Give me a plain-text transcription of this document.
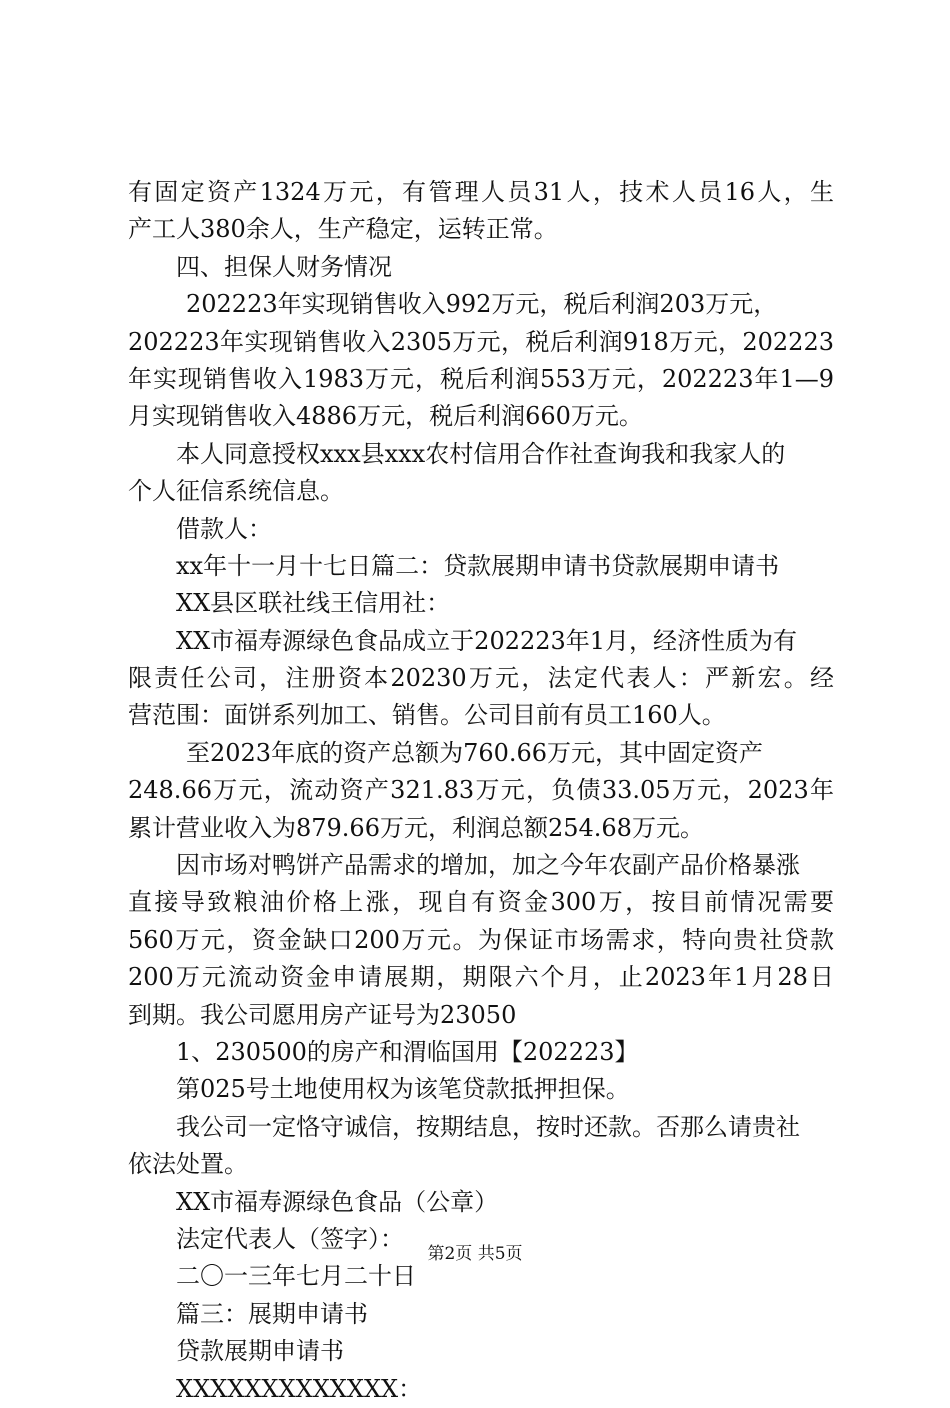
有固定资产1324万元，有管理人员31人，技术人员16人，生
产工人380余人，生产稳定，运转正常。
四、担保人财务情况
202223年实现销售收入992万元，税后利润203万元，
202223年实现销售收入2305万元，税后利润918万元，202223
年实现销售收入1983万元，税后利润553万元，202223年1—9
月实现销售收入4886万元，税后利润660万元。
本人同意授权xxx县xxx农村信用合作社查询我和我家人的
个人征信系统信息。
借款人：
xx年十一月十七日篇二：贷款展期申请书贷款展期申请书
XX县区联社线王信用社：
XX市福寿源绿色食品成立于202223年1月，经济性质为有
限责任公司，注册资本20230万元，法定代表人：严新宏。经
营范围：面饼系列加工、销售。公司目前有员工160人。
至2023年底的资产总额为760.66万元，其中固定资产
248.66万元，流动资产321.83万元，负债33.05万元，2023年
累计营业收入为879.66万元，利润总额254.68万元。
因市场对鸭饼产品需求的增加，加之今年农副产品价格暴涨
直接导致粮油价格上涨，现自有资金300万，按目前情况需要
560万元，资金缺口200万元。为保证市场需求，特向贵社贷款
200万元流动资金申请展期，期限六个月，止2023年1月28日
到期。我公司愿用房产证号为23050
1、230500的房产和渭临国用【202223】
第025号土地使用权为该笔贷款抵押担保。
我公司一定恪守诚信，按期结息，按时还款。否那么请贵社
依法处置。
XX市福寿源绿色食品（公章）
法定代表人（签字）：
二〇一三年七月二十日
篇三：展期申请书
贷款展期申请书
XXXXXXXXXXXXX：
第2页 共5页
